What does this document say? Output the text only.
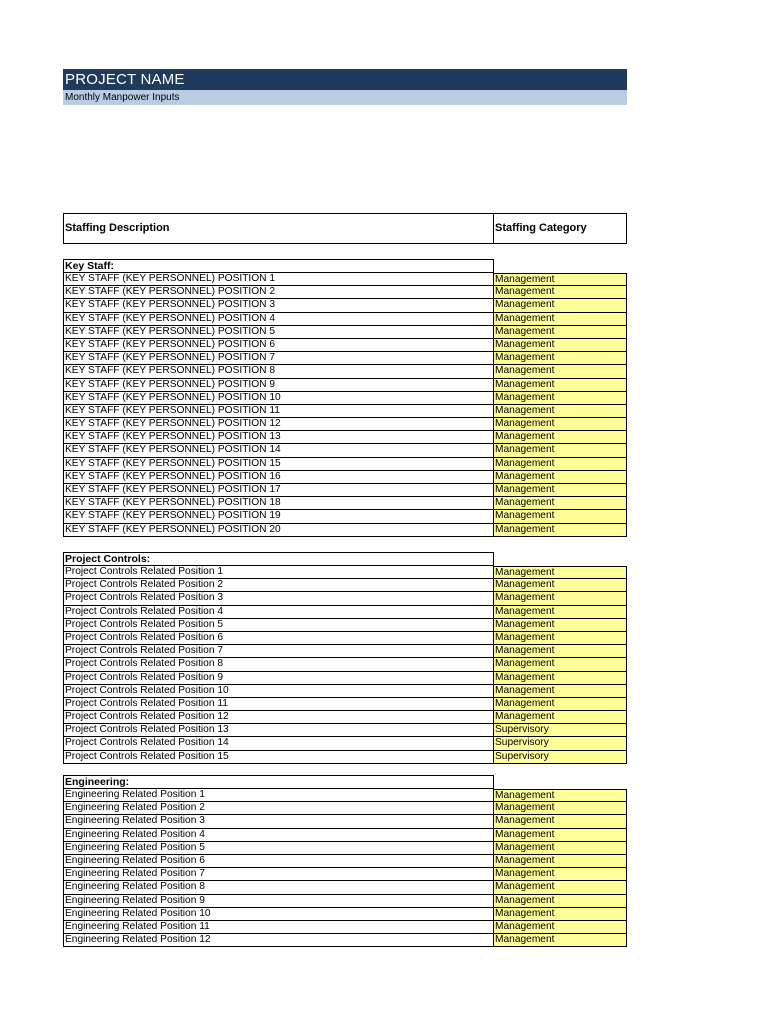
PROJECT NAME
Monthly Manpower Inputs
Staffing Description	Staffing Category
Key Staff:
KEY STAFF (KEY PERSONNEL) POSITION 1	Management
KEY STAFF (KEY PERSONNEL) POSITION 2	Management
KEY STAFF (KEY PERSONNEL) POSITION 3	Management
KEY STAFF (KEY PERSONNEL) POSITION 4	Management
KEY STAFF (KEY PERSONNEL) POSITION 5	Management
KEY STAFF (KEY PERSONNEL) POSITION 6	Management
KEY STAFF (KEY PERSONNEL) POSITION 7	Management
KEY STAFF (KEY PERSONNEL) POSITION 8	Management
KEY STAFF (KEY PERSONNEL) POSITION 9	Management
KEY STAFF (KEY PERSONNEL) POSITION 10	Management
KEY STAFF (KEY PERSONNEL) POSITION 11	Management
KEY STAFF (KEY PERSONNEL) POSITION 12	Management
KEY STAFF (KEY PERSONNEL) POSITION 13	Management
KEY STAFF (KEY PERSONNEL) POSITION 14	Management
KEY STAFF (KEY PERSONNEL) POSITION 15	Management
KEY STAFF (KEY PERSONNEL) POSITION 16	Management
KEY STAFF (KEY PERSONNEL) POSITION 17	Management
KEY STAFF (KEY PERSONNEL) POSITION 18	Management
KEY STAFF (KEY PERSONNEL) POSITION 19	Management
KEY STAFF (KEY PERSONNEL) POSITION 20	Management
Project Controls:
Project Controls Related Position 1	Management
Project Controls Related Position 2	Management
Project Controls Related Position 3	Management
Project Controls Related Position 4	Management
Project Controls Related Position 5	Management
Project Controls Related Position 6	Management
Project Controls Related Position 7	Management
Project Controls Related Position 8	Management
Project Controls Related Position 9	Management
Project Controls Related Position 10	Management
Project Controls Related Position 11	Management
Project Controls Related Position 12	Management
Project Controls Related Position 13	Supervisory
Project Controls Related Position 14	Supervisory
Project Controls Related Position 15	Supervisory
Engineering:
Engineering Related Position 1	Management
Engineering Related Position 2	Management
Engineering Related Position 3	Management
Engineering Related Position 4	Management
Engineering Related Position 5	Management
Engineering Related Position 6	Management
Engineering Related Position 7	Management
Engineering Related Position 8	Management
Engineering Related Position 9	Management
Engineering Related Position 10	Management
Engineering Related Position 11	Management
Engineering Related Position 12	Management
